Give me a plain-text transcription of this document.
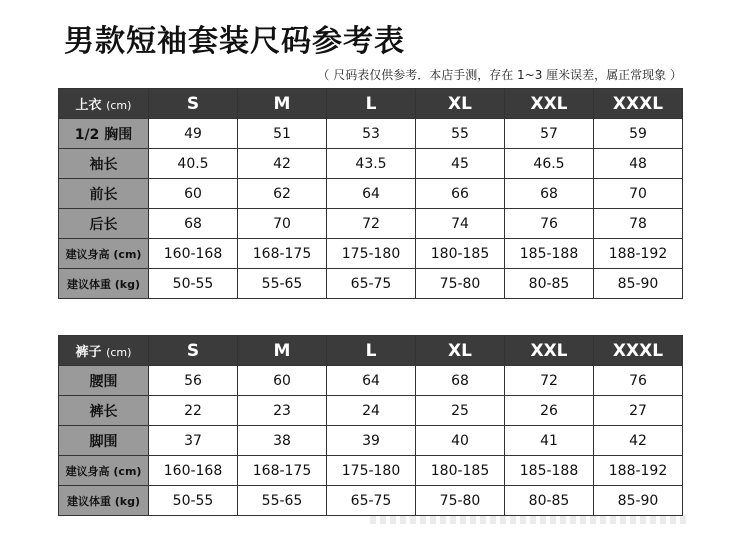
男款短袖套装尺码参考表
（ 尺码表仅供参考．本店手测，存在 1~3 厘米误差，属正常现象 ）
上衣 (cm)	S	M	L	XL	XXL	XXXL
1/2 胸围	49	51	53	55	57	59
袖长	40.5	42	43.5	45	46.5	48
前长	60	62	64	66	68	70
后长	68	70	72	74	76	78
建议身高 (cm)	160-168	168-175	175-180	180-185	185-188	188-192
建议体重 (kg)	50-55	55-65	65-75	75-80	80-85	85-90
裤子 (cm)	S	M	L	XL	XXL	XXXL
腰围	56	60	64	68	72	76
裤长	22	23	24	25	26	27
脚围	37	38	39	40	41	42
建议身高 (cm)	160-168	168-175	175-180	180-185	185-188	188-192
建议体重 (kg)	50-55	55-65	65-75	75-80	80-85	85-90
